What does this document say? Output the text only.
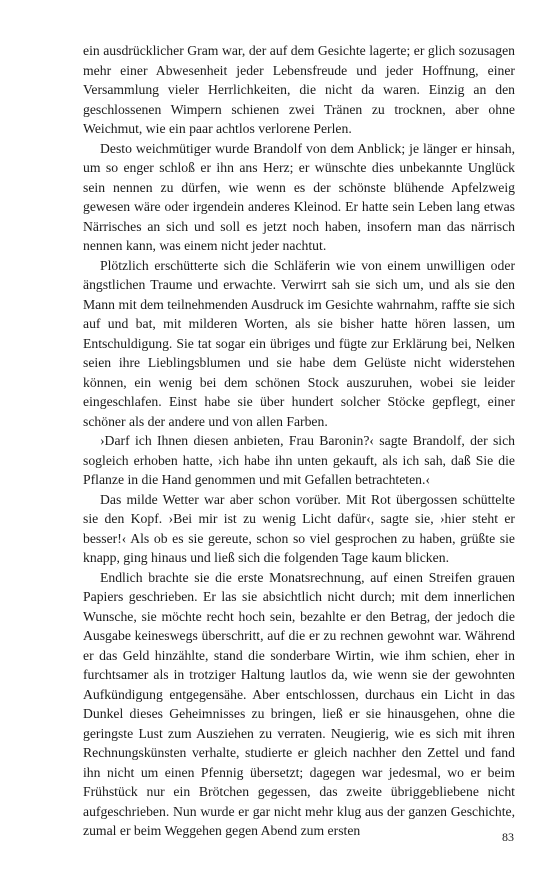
ein ausdrücklicher Gram war, der auf dem Gesichte lagerte; er glich sozusagen mehr einer Abwesenheit jeder Lebensfreude und jeder Hoffnung, einer Versammlung vieler Herrlichkeiten, die nicht da waren. Einzig an den geschlossenen Wimpern schienen zwei Tränen zu trocknen, aber ohne Weichmut, wie ein paar achtlos verlorene Perlen.

Desto weichmütiger wurde Brandolf von dem Anblick; je länger er hinsah, um so enger schloß er ihn ans Herz; er wünschte dies unbekannte Unglück sein nennen zu dürfen, wie wenn es der schönste blühende Apfelzweig gewesen wäre oder irgendein anderes Kleinod. Er hatte sein Leben lang etwas Närrisches an sich und soll es jetzt noch haben, insofern man das närrisch nennen kann, was einem nicht jeder nachtut.

Plötzlich erschütterte sich die Schläferin wie von einem unwilligen oder ängstlichen Traume und erwachte. Verwirrt sah sie sich um, und als sie den Mann mit dem teilnehmenden Ausdruck im Gesichte wahrnahm, raffte sie sich auf und bat, mit milderen Worten, als sie bisher hatte hören lassen, um Entschuldigung. Sie tat sogar ein übriges und fügte zur Erklärung bei, Nelken seien ihre Lieblingsblumen und sie habe dem Gelüste nicht widerstehen können, ein wenig bei dem schönen Stock auszuruhen, wobei sie leider eingeschlafen. Einst habe sie über hundert solcher Stöcke gepflegt, einer schöner als der andere und von allen Farben.

›Darf ich Ihnen diesen anbieten, Frau Baronin?‹ sagte Brandolf, der sich sogleich erhoben hatte, ›ich habe ihn unten gekauft, als ich sah, daß Sie die Pflanze in die Hand genommen und mit Gefallen betrachteten.‹

Das milde Wetter war aber schon vorüber. Mit Rot übergossen schüttelte sie den Kopf. ›Bei mir ist zu wenig Licht dafür‹, sagte sie, ›hier steht er besser!‹ Als ob es sie gereute, schon so viel gesprochen zu haben, grüßte sie knapp, ging hinaus und ließ sich die folgenden Tage kaum blicken.

Endlich brachte sie die erste Monatsrechnung, auf einen Streifen grauen Papiers geschrieben. Er las sie absichtlich nicht durch; mit dem innerlichen Wunsche, sie möchte recht hoch sein, bezahlte er den Betrag, der jedoch die Ausgabe keineswegs überschritt, auf die er zu rechnen gewohnt war. Während er das Geld hinzählte, stand die sonderbare Wirtin, wie ihm schien, eher in furchtsamer als in trotziger Haltung lautlos da, wie wenn sie der gewohnten Aufkündigung entgegensähe. Aber entschlossen, durchaus ein Licht in das Dunkel dieses Geheimnisses zu bringen, ließ er sie hinausgehen, ohne die geringste Lust zum Ausziehen zu verraten. Neugierig, wie es sich mit ihren Rechnungskünsten verhalte, studierte er gleich nachher den Zettel und fand ihn nicht um einen Pfennig übersetzt; dagegen war jedesmal, wo er beim Frühstück nur ein Brötchen gegessen, das zweite übriggebliebene nicht aufgeschrieben. Nun wurde er gar nicht mehr klug aus der ganzen Geschichte, zumal er beim Weggehen gegen Abend zum ersten	83
